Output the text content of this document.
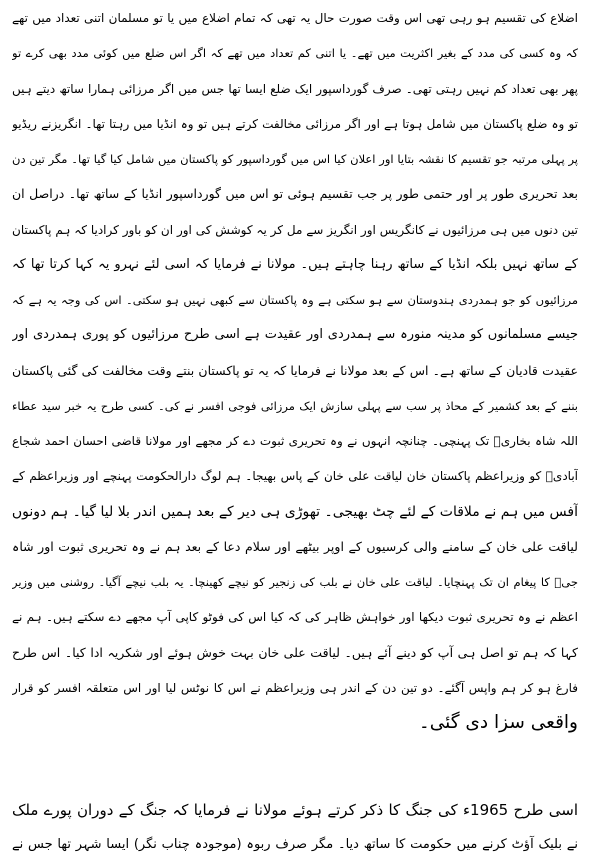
اضلاع کی تقسیم ہو رہی تھی اس وقت صورت حال یہ تھی کہ تمام اضلاع میں یا تو مسلمان اتنی تعداد میں تھے
کہ وہ کسی کی مدد کے بغیر اکثریت میں تھے۔ یا اتنی کم تعداد میں تھے کہ اگر اس ضلع میں کوئی مدد بھی کرے تو
پھر بھی تعداد کم نہیں رہتی تھی۔ صرف گورداسپور ایک ضلع ایسا تھا جس میں اگر مرزائی ہمارا ساتھ دیتے ہیں
تو وہ ضلع پاکستان میں شامل ہوتا ہے اور اگر مرزائی مخالفت کرتے ہیں تو وہ انڈیا میں رہتا تھا۔ انگریزنے ریڈیو
پر پہلی مرتبہ جو تقسیم کا نقشہ بتایا اور اعلان کیا اس میں گورداسپور کو پاکستان میں شامل کیا گیا تھا۔ مگر تین دن
بعد تحریری طور پر اور حتمی طور پر جب تقسیم ہوئی تو اس میں گورداسپور انڈیا کے ساتھ تھا۔ دراصل ان
تین دنوں میں ہی مرزائیوں نے کانگریس اور انگریز سے مل کر یہ کوشش کی اور ان کو باور کرادیا کہ ہم پاکستان
کے ساتھ نہیں بلکہ انڈیا کے ساتھ رہنا چاہتے ہیں۔ مولانا نے فرمایا کہ اسی لئے نہرو یہ کہا کرتا تھا کہ
مرزائیوں کو جو ہمدردی ہندوستان سے ہو سکتی ہے وہ پاکستان سے کبھی نہیں ہو سکتی۔ اس کی وجہ یہ ہے کہ
جیسے مسلمانوں کو مدینہ منورہ سے ہمدردی اور عقیدت ہے اسی طرح مرزائیوں کو پوری ہمدردی اور
عقیدت قادیان کے ساتھ ہے۔ اس کے بعد مولانا نے فرمایا کہ یہ تو پاکستان بنتے وقت مخالفت کی گئی پاکستان
بننے کے بعد کشمیر کے محاذ پر سب سے پہلی سازش ایک مرزائی فوجی افسر نے کی۔ کسی طرح یہ خبر سید عطاء
اللہ شاہ بخاریؒ تک پہنچی۔ چنانچہ انہوں نے وہ تحریری ثبوت دے کر مجھے اور مولانا قاضی احسان احمد شجاع
آبادیؒ کو وزیراعظم پاکستان خان لیاقت علی خان کے پاس بھیجا۔ ہم لوگ دارالحکومت پہنچے اور وزیراعظم کے
آفس میں ہم نے ملاقات کے لئے چٹ بھیجی۔ تھوڑی ہی دیر کے بعد ہمیں اندر بلا لیا گیا۔ ہم دونوں
لیاقت علی خان کے سامنے والی کرسیوں کے اوپر بیٹھے اور سلام دعا کے بعد ہم نے وہ تحریری ثبوت اور شاہ
جیؒ کا پیغام ان تک پہنچایا۔ لیاقت علی خان نے بلب کی زنجیر کو نیچے کھینچا۔ یہ بلب نیچے آگیا۔ روشنی میں وزیر
اعظم نے وہ تحریری ثبوت دیکھا اور خواہش ظاہر کی کہ کیا اس کی فوٹو کاپی آپ مجھے دے سکتے ہیں۔ ہم نے
کہا کہ ہم تو اصل ہی آپ کو دینے آئے ہیں۔ لیاقت علی خان بہت خوش ہوئے اور شکریہ ادا کیا۔ اس طرح
فارغ ہو کر ہم واپس آگئے۔ دو تین دن کے اندر ہی وزیراعظم نے اس کا نوٹس لیا اور اس متعلقہ افسر کو قرار
واقعی سزا دی گئی۔
اسی طرح 1965ء کی جنگ کا ذکر کرتے ہوئے مولانا نے فرمایا کہ جنگ کے دوران پورے ملک
نے بلیک آؤٹ کرنے میں حکومت کا ساتھ دیا۔ مگر صرف ربوہ (موجودہ چناب نگر) ایسا شہر تھا جس نے
